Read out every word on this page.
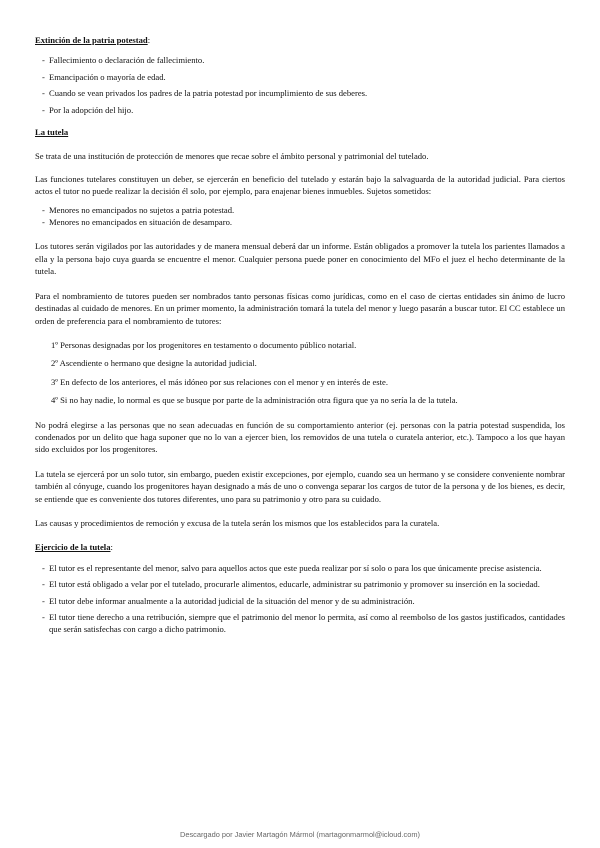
Extinción de la patria potestad:
- Fallecimiento o declaración de fallecimiento.
- Emancipación o mayoría de edad.
- Cuando se vean privados los padres de la patria potestad por incumplimiento de sus deberes.
- Por la adopción del hijo.
La tutela

Se trata de una institución de protección de menores que recae sobre el ámbito personal y patrimonial del tutelado.

Las funciones tutelares constituyen un deber, se ejercerán en beneficio del tutelado y estarán bajo la salvaguarda de la autoridad judicial. Para ciertos actos el tutor no puede realizar la decisión él solo, por ejemplo, para enajenar bienes inmuebles. Sujetos sometidos:

- Menores no emancipados no sujetos a patria potestad.
- Menores no emancipados en situación de desamparo.

Los tutores serán vigilados por las autoridades y de manera mensual deberá dar un informe. Están obligados a promover la tutela los parientes llamados a ella y la persona bajo cuya guarda se encuentre el menor. Cualquier persona puede poner en conocimiento del MFo el juez el hecho determinante de la tutela.

Para el nombramiento de tutores pueden ser nombrados tanto personas físicas como jurídicas, como en el caso de ciertas entidades sin ánimo de lucro destinadas al cuidado de menores. En un primer momento, la administración tomará la tutela del menor y luego pasarán a buscar tutor. El CC establece un orden de preferencia para el nombramiento de tutores:

1º Personas designadas por los progenitores en testamento o documento público notarial.
2º Ascendiente o hermano que designe la autoridad judicial.
3º En defecto de los anteriores, el más idóneo por sus relaciones con el menor y en interés de este.
4º Si no hay nadie, lo normal es que se busque por parte de la administración otra figura que ya no sería la de la tutela.

No podrá elegirse a las personas que no sean adecuadas en función de su comportamiento anterior (ej. personas con la patria potestad suspendida, los condenados por un delito que haga suponer que no lo van a ejercer bien, los removidos de una tutela o curatela anterior, etc.). Tampoco a los que hayan sido excluidos por los progenitores.

La tutela se ejercerá por un solo tutor, sin embargo, pueden existir excepciones, por ejemplo, cuando sea un hermano y se considere conveniente nombrar también al cónyuge, cuando los progenitores hayan designado a más de uno o convenga separar los cargos de tutor de la persona y de los bienes, es decir, se entiende que es conveniente dos tutores diferentes, uno para su patrimonio y otro para su cuidado.

Las causas y procedimientos de remoción y excusa de la tutela serán los mismos que los establecidos para la curatela.

Ejercicio de la tutela:
- El tutor es el representante del menor, salvo para aquellos actos que este pueda realizar por sí solo o para los que únicamente precise asistencia.
- El tutor está obligado a velar por el tutelado, procurarle alimentos, educarle, administrar su patrimonio y promover su inserción en la sociedad.
- El tutor debe informar anualmente a la autoridad judicial de la situación del menor y de su administración.
- El tutor tiene derecho a una retribución, siempre que el patrimonio del menor lo permita, así como al reembolso de los gastos justificados, cantidades que serán satisfechas con cargo a dicho patrimonio.
Descargado por Javier Martagón Mármol (martagonmarmol@icloud.com)
